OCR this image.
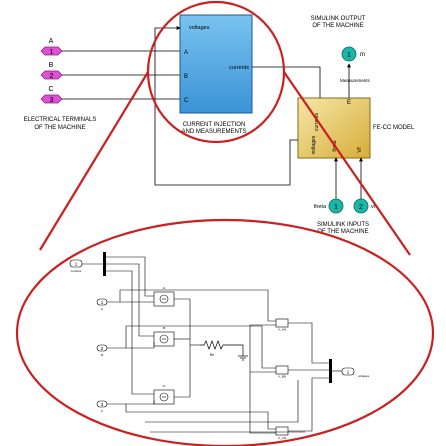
1
A
2
B
3
C
ELECTRICAL TERMINALS
OF THE MACHINE
voltages
A
B
C
currents
CURRENT INJECTION
AND MEASUREMENTS
currents
voltages	theta	Vf
E
FE-CC MODEL
Measurements
SIMULINK OUTPUT
OF THE MACHINE
1 m
1
theta	2 vf
SIMULINK INPUTS
OF THE MACHINE
1
currents
1
A
2
B
3
C
iA
iB
iC
Rn
V_AN
V_BN
V_CN
1
voltages
